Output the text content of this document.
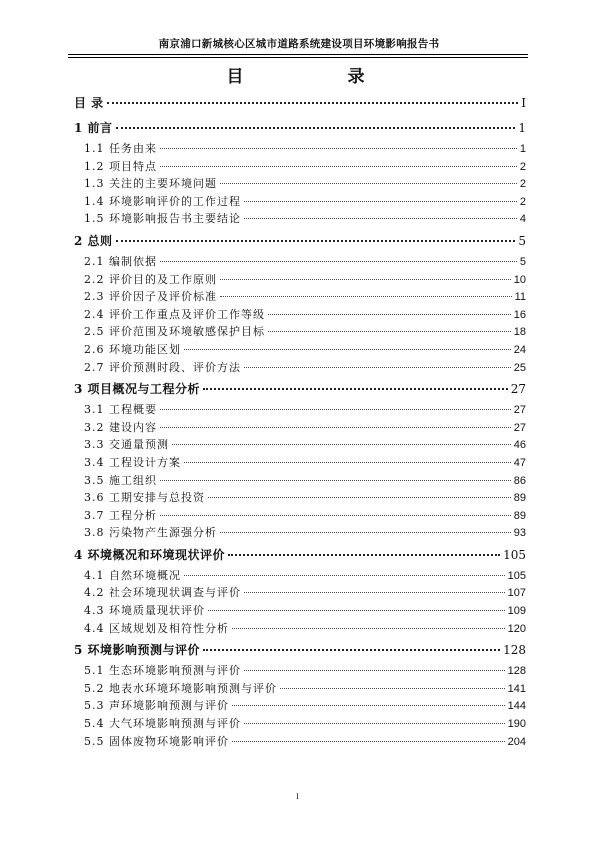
南京浦口新城核心区城市道路系统建设项目环境影响报告书
目 录
目 录	I
1 前言	1
1.1 任务由来	1
1.2 项目特点	2
1.3 关注的主要环境问题	2
1.4 环境影响评价的工作过程	2
1.5 环境影响报告书主要结论	4
2 总则	5
2.1 编制依据	5
2.2 评价目的及工作原则	10
2.3 评价因子及评价标准	11
2.4 评价工作重点及评价工作等级	16
2.5 评价范围及环境敏感保护目标	18
2.6 环境功能区划	24
2.7 评价预测时段、评价方法	25
3 项目概况与工程分析	27
3.1 工程概要	27
3.2 建设内容	27
3.3 交通量预测	46
3.4 工程设计方案	47
3.5 施工组织	86
3.6 工期安排与总投资	89
3.7 工程分析	89
3.8 污染物产生源强分析	93
4 环境概况和环境现状评价	105
4.1 自然环境概况	105
4.2 社会环境现状调查与评价	107
4.3 环境质量现状评价	109
4.4 区域规划及相符性分析	120
5 环境影响预测与评价	128
5.1 生态环境影响预测与评价	128
5.2 地表水环境环境影响预测与评价	141
5.3 声环境影响预测与评价	144
5.4 大气环境影响预测与评价	190
5.5 固体废物环境影响评价	204
I
